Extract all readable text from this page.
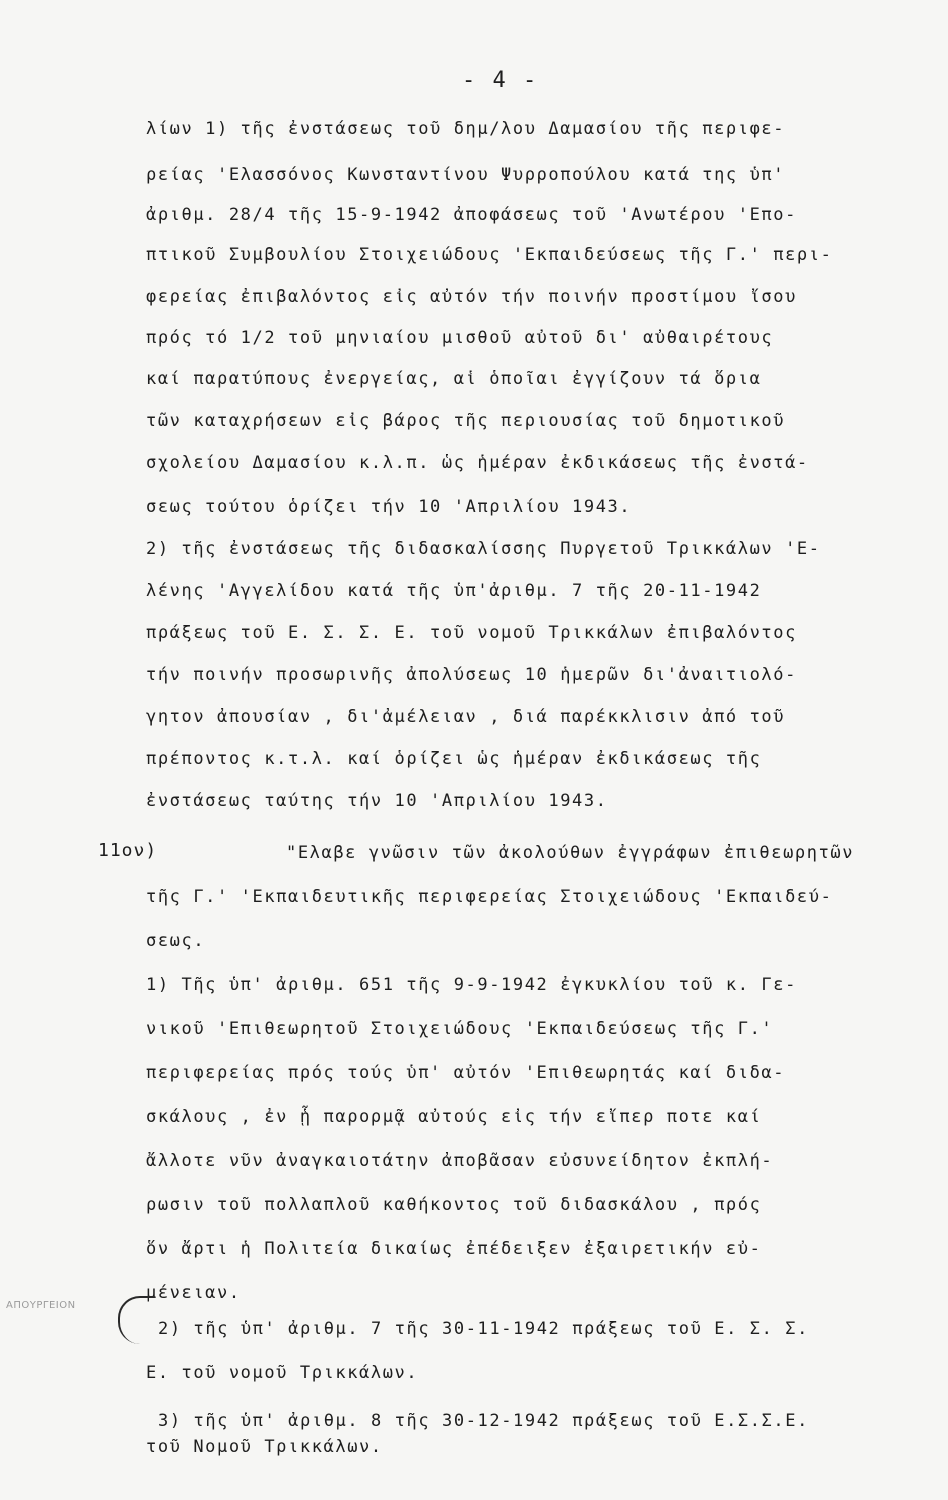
- 4 -
ΑΠΟΥΡΓΕΙΟΝ
λίων 1) τῆς ἐνστάσεως τοῦ δημ/λου Δαμασίου τῆς περιφε-
ρείας 'Ελασσόνος Κωνσταντίνου Ψυρροπούλου κατά της ὑπ'
ἀριθμ. 28/4 τῆς 15-9-1942 ἀποφάσεως τοῦ 'Ανωτέρου 'Επο-
πτικοῦ Συμβουλίου Στοιχειώδους 'Εκπαιδεύσεως τῆς Γ.' περι-
φερείας ἐπιβαλόντος εἰς αὐτόν τήν ποινήν προστίμου ἴσου
πρός τό 1/2 τοῦ μηνιαίου μισθοῦ αὐτοῦ δι' αὐθαιρέτους
καί παρατύπους ἐνεργείας, αἱ ὁποῖαι ἐγγίζουν τά ὅρια
τῶν καταχρήσεων εἰς βάρος τῆς περιουσίας τοῦ δημοτικοῦ
σχολείου Δαμασίου κ.λ.π. ὡς ἡμέραν ἐκδικάσεως τῆς ἐνστά-
σεως τούτου ὁρίζει τήν 10 'Απριλίου 1943.
2) τῆς ἐνστάσεως τῆς διδασκαλίσσης Πυργετοῦ Τρικκάλων 'Ε-
λένης 'Αγγελίδου κατά τῆς ὑπ'ἀριθμ. 7 τῆς 20-11-1942
πράξεως τοῦ Ε. Σ. Σ. Ε. τοῦ νομοῦ Τρικκάλων ἐπιβαλόντος
τήν ποινήν προσωρινῆς ἀπολύσεως 10 ἡμερῶν δι'ἀναιτιολό-
γητον ἀπουσίαν , δι'ἀμέλειαν , διά παρέκκλισιν ἀπό τοῦ
πρέποντος κ.τ.λ. καί ὁρίζει ὡς ἡμέραν ἐκδικάσεως τῆς
ἐνστάσεως ταύτης τήν 10 'Απριλίου 1943.
11ον)	"Ελαβε γνῶσιν τῶν ἀκολούθων ἐγγράφων ἐπιθεωρητῶν
τῆς Γ.' 'Εκπαιδευτικῆς περιφερείας Στοιχειώδους 'Εκπαιδεύ-
σεως.
1) Τῆς ὑπ' ἀριθμ. 651 τῆς 9-9-1942 ἐγκυκλίου τοῦ κ. Γε-
νικοῦ 'Επιθεωρητοῦ Στοιχειώδους 'Εκπαιδεύσεως τῆς Γ.'
περιφερείας πρός τούς ὑπ' αὐτόν 'Επιθεωρητάς καί διδα-
σκάλους , ἐν ᾗ παρορμᾷ αὐτούς εἰς τήν εἴπερ ποτε καί
ἄλλοτε νῦν ἀναγκαιοτάτην ἀποβᾶσαν εὐσυνείδητον ἐκπλή-
ρωσιν τοῦ πολλαπλοῦ καθήκοντος τοῦ διδασκάλου , πρός
ὅν ἄρτι ἡ Πολιτεία δικαίως ἐπέδειξεν ἐξαιρετικήν εὐ-
μένειαν.
2) τῆς ὑπ' ἀριθμ. 7 τῆς 30-11-1942 πράξεως τοῦ Ε. Σ. Σ.
Ε. τοῦ νομοῦ Τρικκάλων.
3) τῆς ὑπ' ἀριθμ. 8 τῆς 30-12-1942 πράξεως τοῦ Ε.Σ.Σ.Ε.
τοῦ Νομοῦ Τρικκάλων.
